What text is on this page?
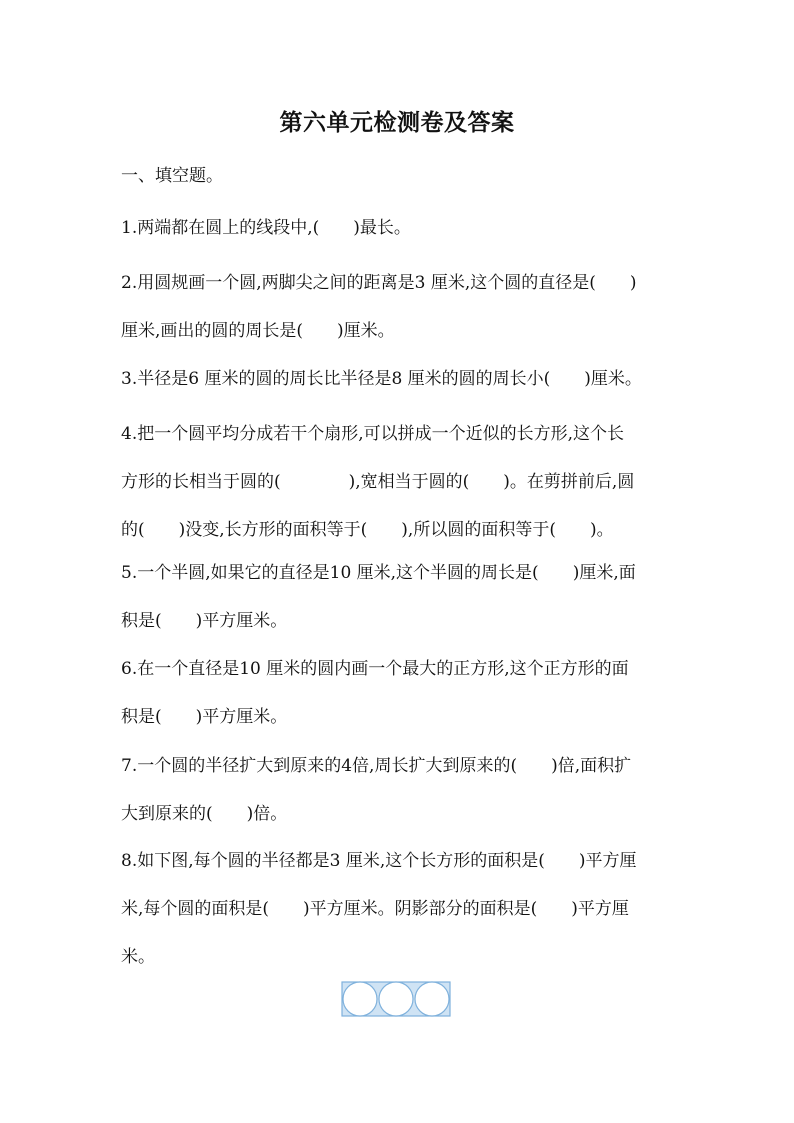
第六单元检测卷及答案
一、填空题。
1.两端都在圆上的线段中,(　　)最长。
2.用圆规画一个圆,两脚尖之间的距离是3 厘米,这个圆的直径是(　　)
厘米,画出的圆的周长是(　　)厘米。
3.半径是6 厘米的圆的周长比半径是8 厘米的圆的周长小(　　)厘米。
4.把一个圆平均分成若干个扇形,可以拼成一个近似的长方形,这个长
方形的长相当于圆的(　　　　),宽相当于圆的(　　)。在剪拼前后,圆
的(　　)没变,长方形的面积等于(　　),所以圆的面积等于(　　)。
5.一个半圆,如果它的直径是10 厘米,这个半圆的周长是(　　)厘米,面
积是(　　)平方厘米。
6.在一个直径是10 厘米的圆内画一个最大的正方形,这个正方形的面
积是(　　)平方厘米。
7.一个圆的半径扩大到原来的4倍,周长扩大到原来的(　　)倍,面积扩
大到原来的(　　)倍。
8.如下图,每个圆的半径都是3 厘米,这个长方形的面积是(　　)平方厘
米,每个圆的面积是(　　)平方厘米。阴影部分的面积是(　　)平方厘
米。
